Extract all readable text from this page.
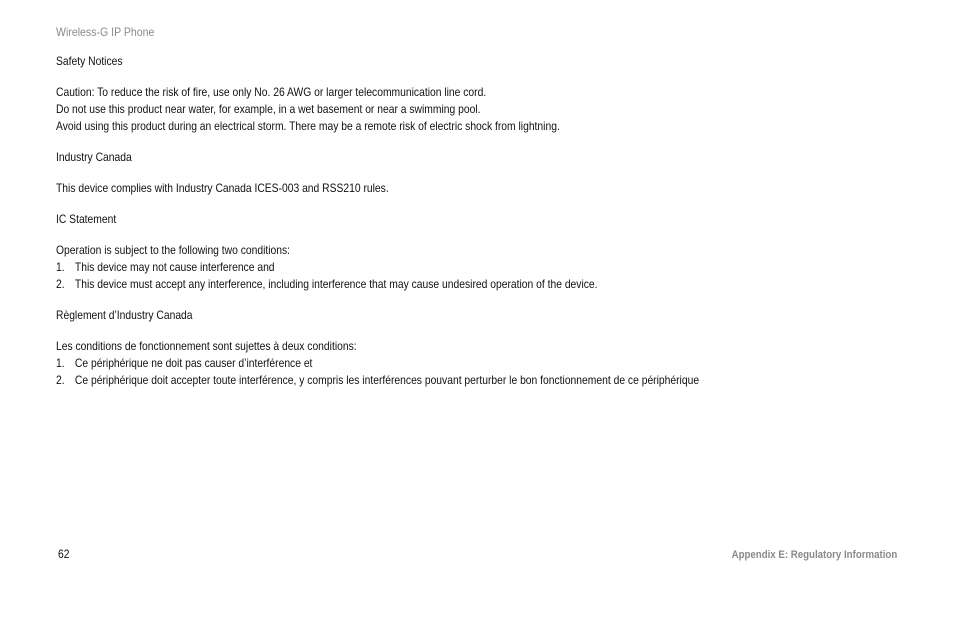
Wireless-G IP Phone
Safety Notices
Caution: To reduce the risk of fire, use only No. 26 AWG or larger telecommunication line cord.
Do not use this product near water, for example, in a wet basement or near a swimming pool.
Avoid using this product during an electrical storm. There may be a remote risk of electric shock from lightning.
Industry Canada
This device complies with Industry Canada ICES-003 and RSS210 rules.
IC Statement
Operation is subject to the following two conditions:
1. This device may not cause interference and
2. This device must accept any interference, including interference that may cause undesired operation of the device.
Règlement d’Industry Canada
Les conditions de fonctionnement sont sujettes à deux conditions:
1. Ce périphérique ne doit pas causer d’interférence et
2. Ce périphérique doit accepter toute interférence, y compris les interférences pouvant perturber le bon fonctionnement de ce périphérique
62	Appendix E: Regulatory Information
